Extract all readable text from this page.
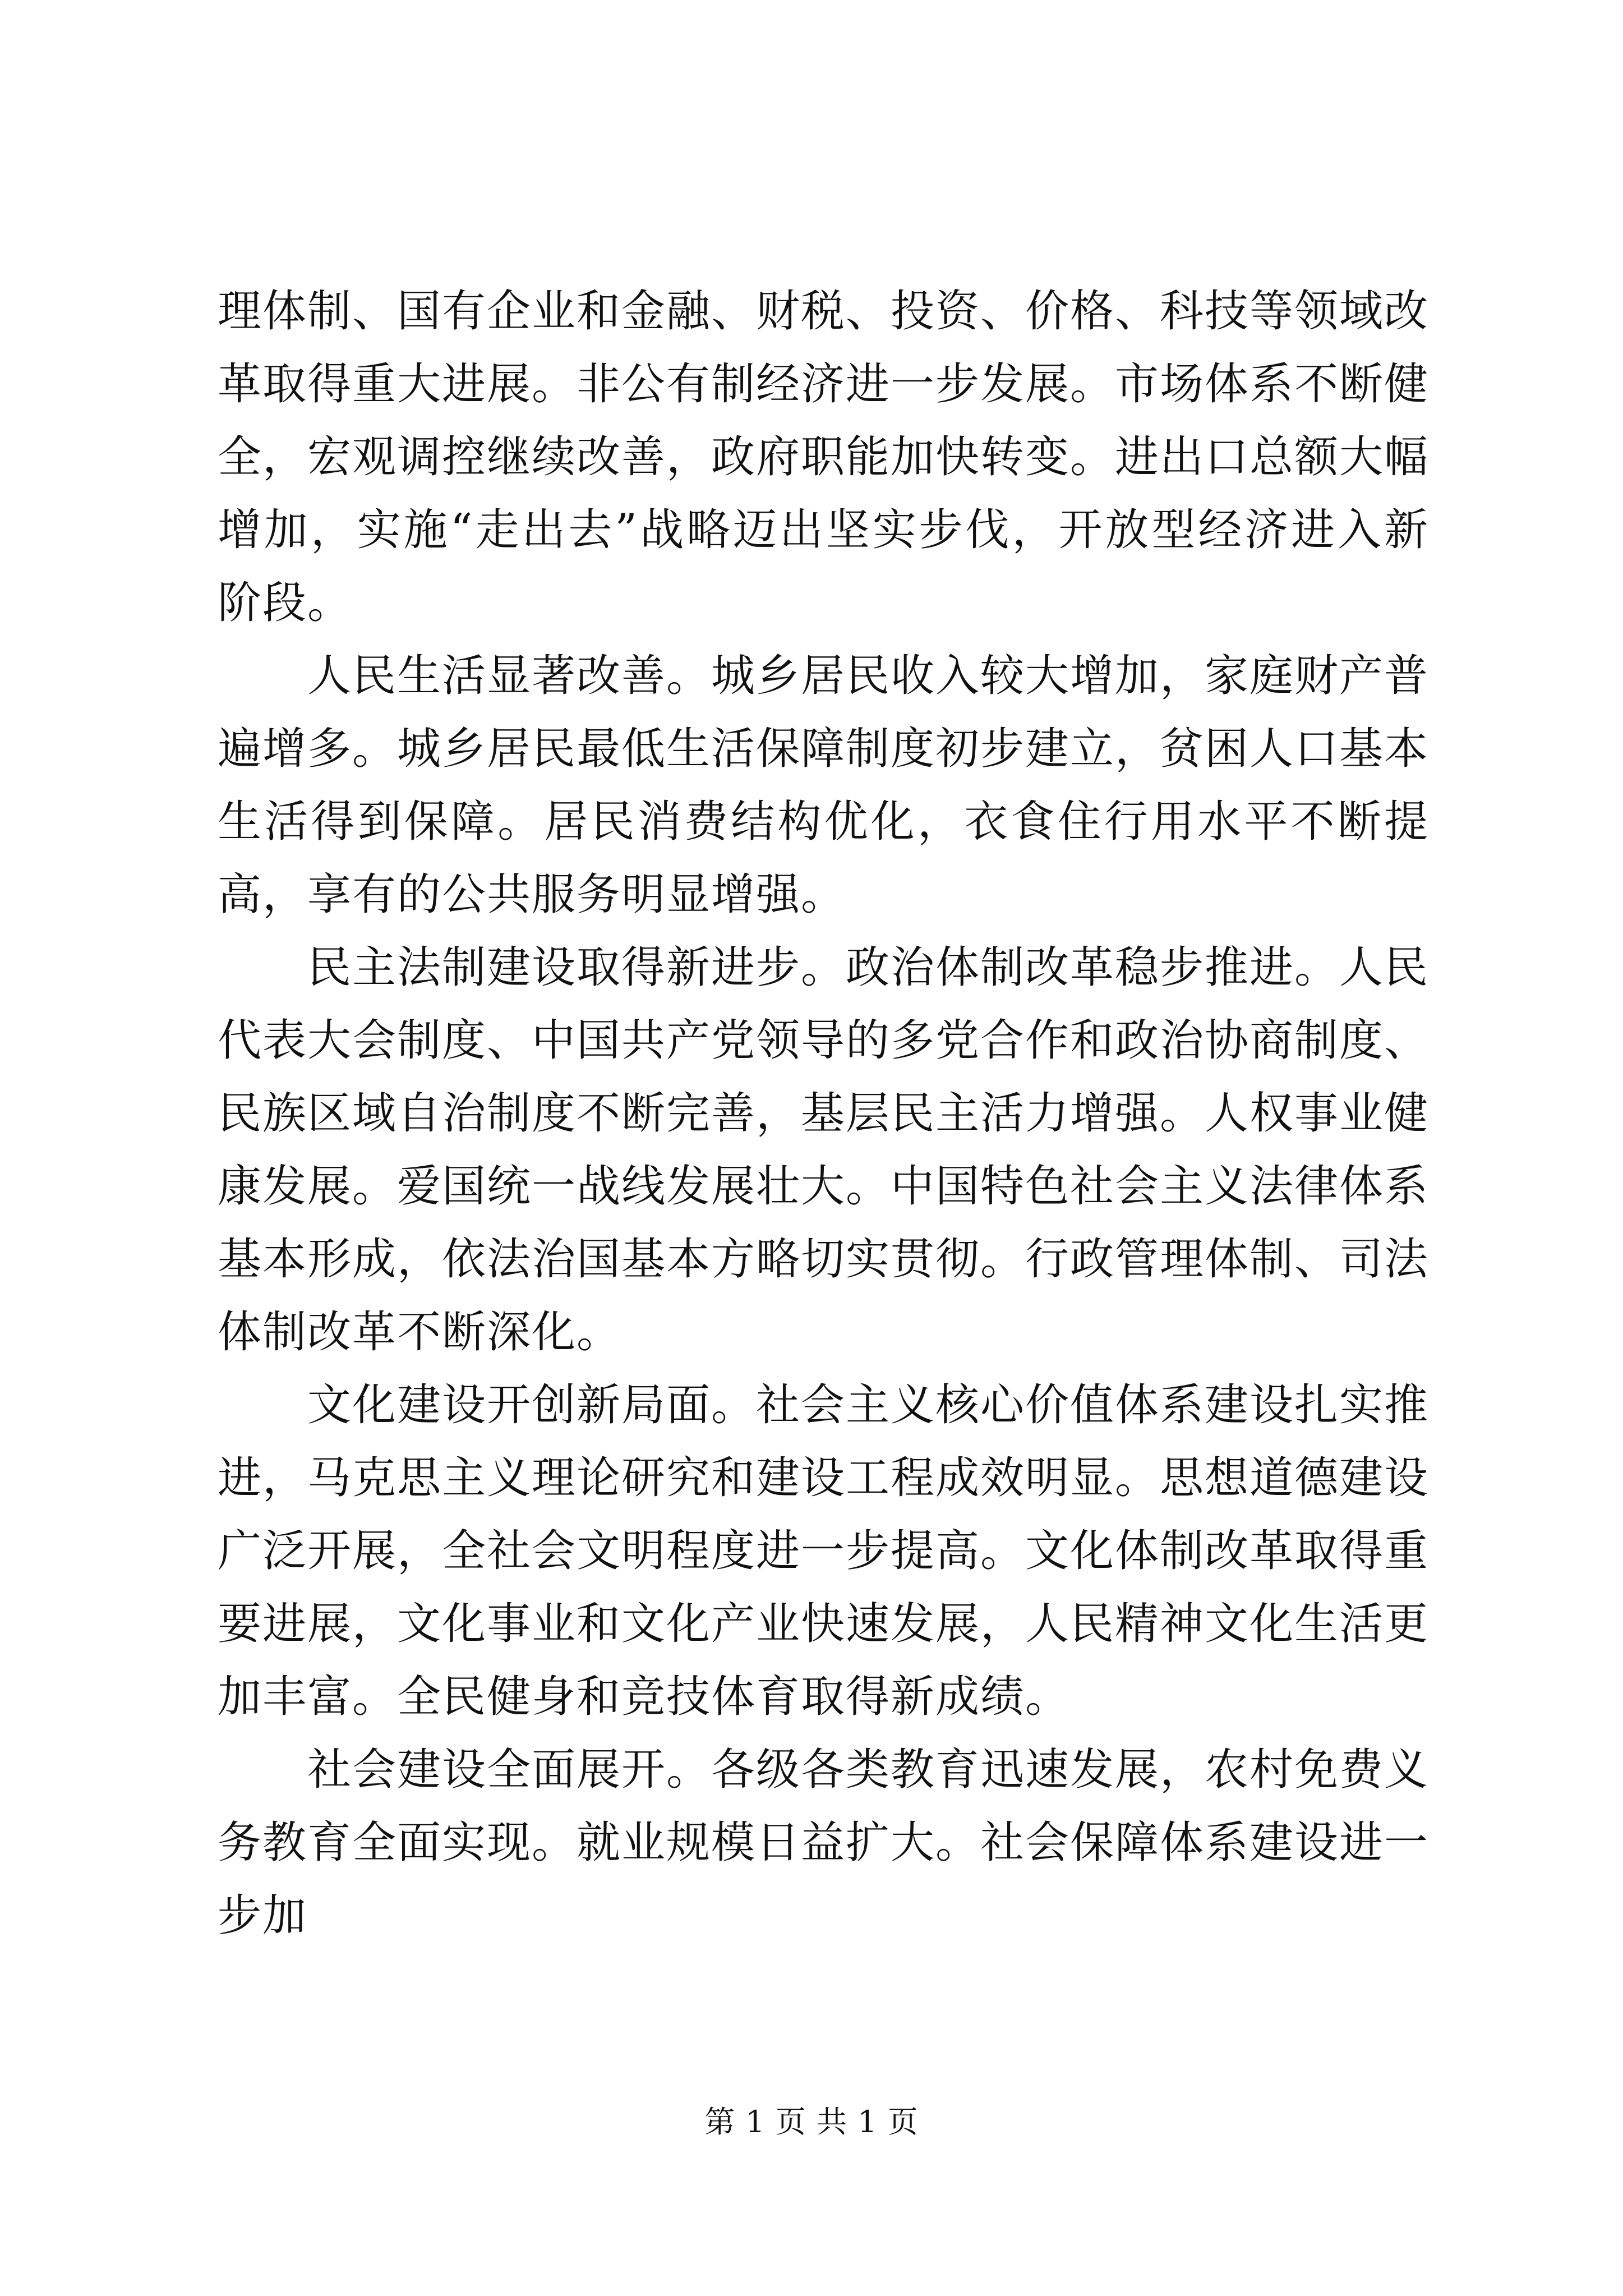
理体制、国有企业和金融、财税、投资、价格、科技等领域改革取得重大进展。非公有制经济进一步发展。市场体系不断健全，宏观调控继续改善，政府职能加快转变。进出口总额大幅增加，实施“走出去”战略迈出坚实步伐，开放型经济进入新阶段。

人民生活显著改善。城乡居民收入较大增加，家庭财产普遍增多。城乡居民最低生活保障制度初步建立，贫困人口基本生活得到保障。居民消费结构优化，衣食住行用水平不断提高，享有的公共服务明显增强。

民主法制建设取得新进步。政治体制改革稳步推进。人民代表大会制度、中国共产党领导的多党合作和政治协商制度、民族区域自治制度不断完善，基层民主活力增强。人权事业健康发展。爱国统一战线发展壮大。中国特色社会主义法律体系基本形成，依法治国基本方略切实贯彻。行政管理体制、司法体制改革不断深化。

文化建设开创新局面。社会主义核心价值体系建设扎实推进，马克思主义理论研究和建设工程成效明显。思想道德建设广泛开展，全社会文明程度进一步提高。文化体制改革取得重要进展，文化事业和文化产业快速发展，人民精神文化生活更加丰富。全民健身和竞技体育取得新成绩。

社会建设全面展开。各级各类教育迅速发展，农村免费义务教育全面实现。就业规模日益扩大。社会保障体系建设进一步加

第 1 页 共 1 页
